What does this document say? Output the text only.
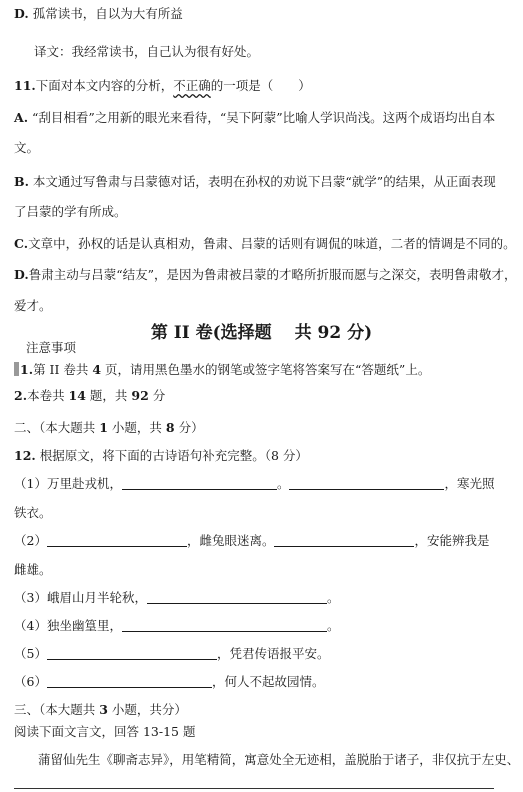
D. 孤常读书，自以为大有所益
译文：我经常读书，自己认为很有好处。
11.下面对本文内容的分析，不正确的一项是（　　）
A. “刮目相看”之用新的眼光来看待，“吴下阿蒙”比喻人学识尚浅。这两个成语均出自本
文。
B. 本文通过写鲁肃与吕蒙德对话，表明在孙权的劝说下吕蒙“就学”的结果，从正面表现
了吕蒙的学有所成。
C.文章中，孙权的话是认真相劝，鲁肃、吕蒙的话则有调侃的味道，二者的情调是不同的。
D.鲁肃主动与吕蒙“结友”，是因为鲁肃被吕蒙的才略所折服而愿与之深交，表明鲁肃敬才，
爱才。
第 II 卷(选择题　 共 92 分)
注意事项
1.第 II 卷共 4 页，请用黑色墨水的钢笔或签字笔将答案写在“答题纸”上。
2.本卷共 14 题，共 92 分
二、（本大题共 1 小题，共 8 分）
12. 根据原文，将下面的古诗语句补充完整。（8 分）
（1）万里赴戎机，	。	，寒光照
铁衣。
（2）	，雌兔眼迷离。	，安能辨我是
雌雄。
（3）峨眉山月半轮秋，	。
（4）独坐幽篁里，	。
（5）	，凭君传语报平安。
（6）	，何人不起故园情。
三、（本大题共 3 小题，共分）
阅读下面文言文，回答 13-15 题
蒲留仙先生《聊斋志异》，用笔精简，寓意处全无迹相，盖脱胎于诸子，非仅抗于左史、
